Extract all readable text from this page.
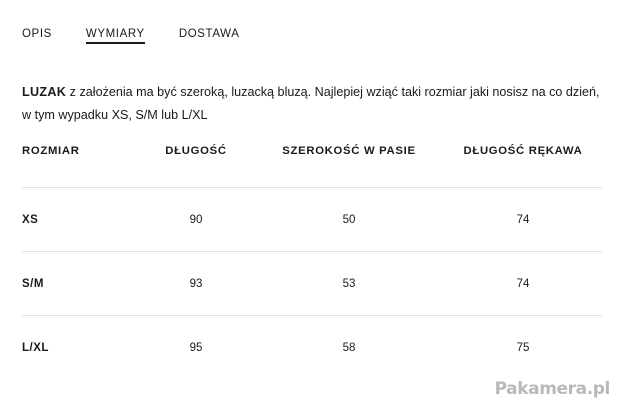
OPIS	WYMIARY	DOSTAWA

LUZAK z założenia ma być szeroką, luzacką bluzą. Najlepiej wziąć taki rozmiar jaki nosisz na co dzień, w tym wypadku XS, S/M lub L/XL

ROZMIAR	DŁUGOŚĆ	SZEROKOŚĆ W PASIE	DŁUGOŚĆ RĘKAWA
XS	90	50	74
S/M	93	53	74
L/XL	95	58	75
Pakamera.pl
